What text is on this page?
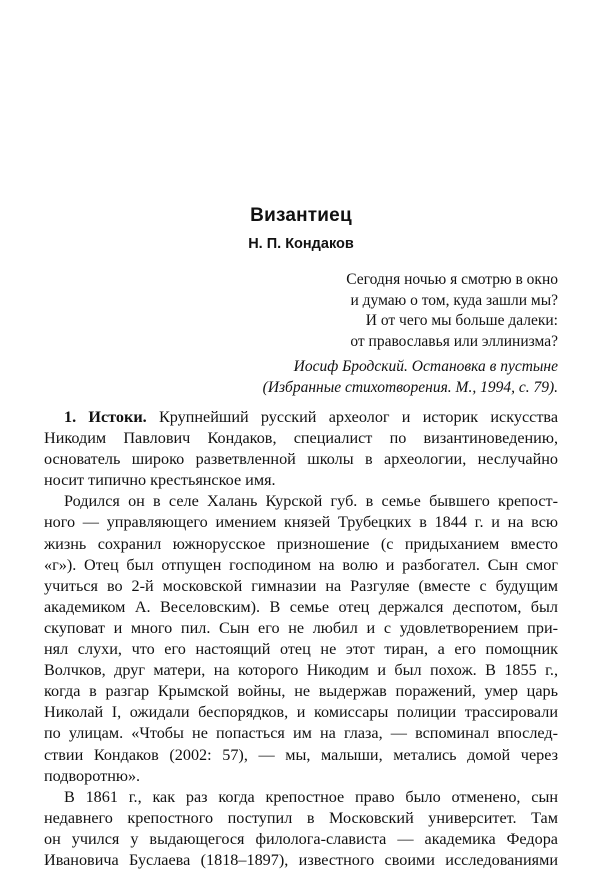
Византиец
Н. П. Кондаков
Сегодня ночью я смотрю в окно
и думаю о том, куда зашли мы?
И от чего мы больше далеки:
от православья или эллинизма?
Иосиф Бродский. Остановка в пустыне
(Избранные стихотворения. М., 1994, с. 79).
1. Истоки. Крупнейший русский археолог и историк искусства
Никодим Павлович Кондаков, специалист по византиноведению,
основатель широко разветвленной школы в археологии, неслучайно
носит типично крестьянское имя.
Родился он в селе Халань Курской губ. в семье бывшего крепост-
ного — управляющего имением князей Трубецких в 1844 г. и на всю
жизнь сохранил южнорусское призношение (с придыханием вместо
«г»). Отец был отпущен господином на волю и разбогател. Сын смог
учиться во 2-й московской гимназии на Разгуляе (вместе с будущим
академиком А. Веселовским). В семье отец держался деспотом, был
скуповат и много пил. Сын его не любил и с удовлетворением при-
нял слухи, что его настоящий отец не этот тиран, а его помощник
Волчков, друг матери, на которого Никодим и был похож. В 1855 г.,
когда в разгар Крымской войны, не выдержав поражений, умер царь
Николай I, ожидали беспорядков, и комиссары полиции трассировали
по улицам. «Чтобы не попасться им на глаза, — вспоминал впослед-
ствии Кондаков (2002: 57), — мы, малыши, метались домой через
подворотню».
В 1861 г., как раз когда крепостное право было отменено, сын
недавнего крепостного поступил в Московский университет. Там
он учился у выдающегося филолога-слависта — академика Федора
Ивановича Буслаева (1818–1897), известного своими исследованиями
